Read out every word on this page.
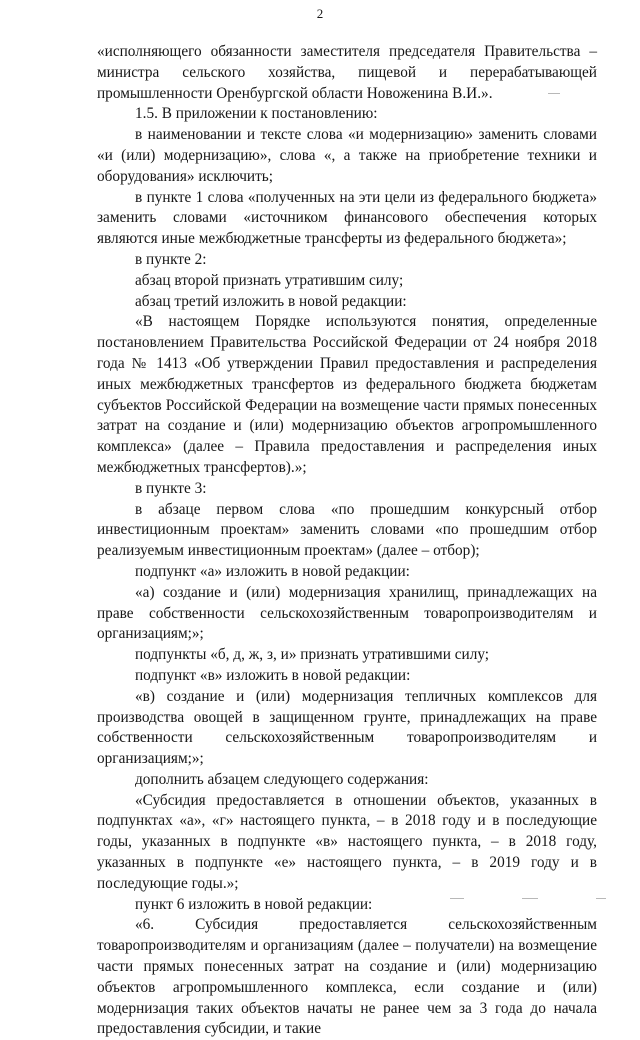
2

«исполняющего обязанности заместителя председателя Правительства – министра сельского хозяйства, пищевой и перерабатывающей промышленности Оренбургской области Новоженина В.И.».

1.5. В приложении к постановлению:

в наименовании и тексте слова «и модернизацию» заменить словами «и (или) модернизацию», слова «, а также на приобретение техники и оборудования» исключить;

в пункте 1 слова «полученных на эти цели из федерального бюджета» заменить словами «источником финансового обеспечения которых являются иные межбюджетные трансферты из федерального бюджета»;

в пункте 2:

абзац второй признать утратившим силу;

абзац третий изложить в новой редакции:

«В настоящем Порядке используются понятия, определенные постановлением Правительства Российской Федерации от 24 ноября 2018 года № 1413 «Об утверждении Правил предоставления и распределения иных межбюджетных трансфертов из федерального бюджета бюджетам субъектов Российской Федерации на возмещение части прямых понесенных затрат на создание и (или) модернизацию объектов агропромышленного комплекса» (далее – Правила предоставления и распределения иных межбюджетных трансфертов).»;

в пункте 3:

в абзаце первом слова «по прошедшим конкурсный отбор инвестиционным проектам» заменить словами «по прошедшим отбор реализуемым инвестиционным проектам» (далее – отбор);

подпункт «а» изложить в новой редакции:

«а) создание и (или) модернизация хранилищ, принадлежащих на праве собственности сельскохозяйственным товаропроизводителям и организациям;»;

подпункты «б, д, ж, з, и» признать утратившими силу;

подпункт «в» изложить в новой редакции:

«в) создание и (или) модернизация тепличных комплексов для производства овощей в защищенном грунте, принадлежащих на праве собственности сельскохозяйственным товаропроизводителям и организациям;»;

дополнить абзацем следующего содержания:

«Субсидия предоставляется в отношении объектов, указанных в подпунктах «а», «г» настоящего пункта, – в 2018 году и в последующие годы, указанных в подпункте «в» настоящего пункта, – в 2018 году, указанных в подпункте «е» настоящего пункта, – в 2019 году и в последующие годы.»;

пункт 6 изложить в новой редакции:

«6. Субсидия предоставляется сельскохозяйственным товаропроизводителям и организациям (далее – получатели) на возмещение части прямых понесенных затрат на создание и (или) модернизацию объектов агропромышленного комплекса, если создание и (или) модернизация таких объектов начаты не ранее чем за 3 года до начала предоставления субсидии, и такие
